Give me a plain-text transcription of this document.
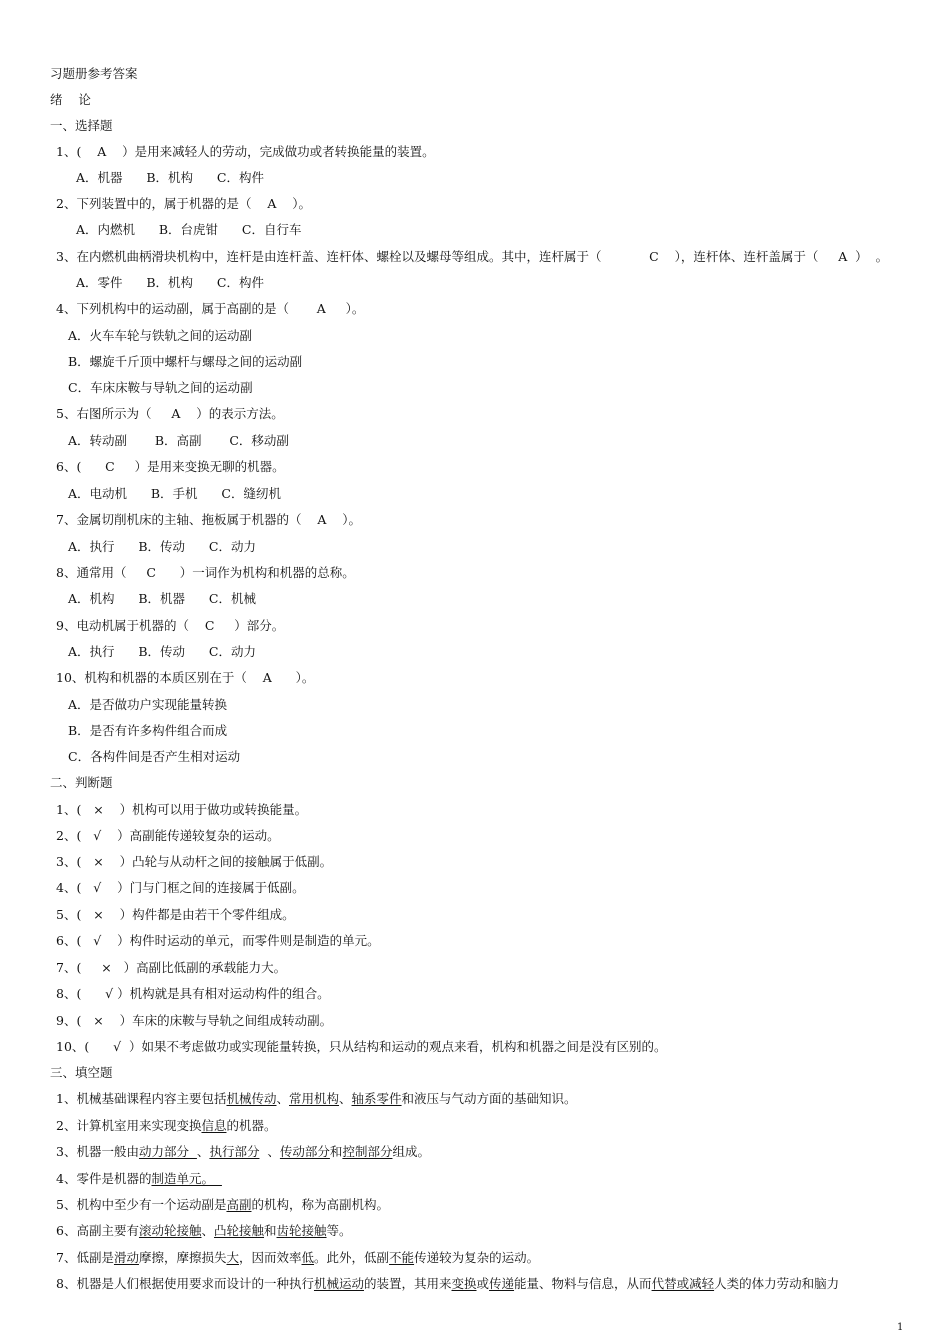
习题册参考答案
绪    论
一、选择题
1、(    A    ）是用来减轻人的劳动，完成做功或者转换能量的装置。
A．机器      B．机构      C．构件
2、下列装置中的，属于机器的是（    A    ）。
A．内燃机      B．台虎钳      C．自行车
3、在内燃机曲柄滑块机构中，连杆是由连杆盖、连杆体、螺栓以及螺母等组成。其中，连杆属于（            C    ），连杆体、连杆盖属于（     A  ）  。
A．零件      B．机构      C．构件
4、下列机构中的运动副，属于高副的是（       A     ）。
A．火车车轮与铁轨之间的运动副
B．螺旋千斤顶中螺杆与螺母之间的运动副
C．车床床鞍与导轨之间的运动副
5、右图所示为（     A    ）的表示方法。
A．转动副       B．高副       C．移动副
6、(      C     ）是用来变换无聊的机器。
A．电动机      B．手机      C．缝纫机
7、金属切削机床的主轴、拖板属于机器的（    A    ）。
A．执行      B．传动      C．动力
8、通常用（     C      ）一词作为机构和机器的总称。
A．机构      B．机器      C．机械
9、电动机属于机器的（    C     ）部分。
A．执行      B．传动      C．动力
10、机构和机器的本质区别在于（    A      ）。
A．是否做功户实现能量转换
B．是否有许多构件组合而成
C．各构件间是否产生相对运动
二、判断题
1、(   ×    ）机构可以用于做功或转换能量。
2、(   √    ）高副能传递较复杂的运动。
3、(   ×    ）凸轮与从动杆之间的接触属于低副。
4、(   √    ）门与门框之间的连接属于低副。
5、(   ×    ）构件都是由若干个零件组成。
6、(   √    ）构件时运动的单元，而零件则是制造的单元。
7、(     ×   ）高副比低副的承载能力大。
8、(      √ ）机构就是具有相对运动构件的组合。
9、(   ×    ）车床的床鞍与导轨之间组成转动副。
10、(      √  ）如果不考虑做功或实现能量转换，只从结构和运动的观点来看，机构和机器之间是没有区别的。
三、填空题
1、机械基础课程内容主要包括机械传动、常用机构、轴系零件和液压与气动方面的基础知识。
2、计算机室用来实现变换信息的机器。
3、机器一般由动力部分  、执行部分  、传动部分和控制部分组成。
4、零件是机器的制造单元。
5、机构中至少有一个运动副是高副的机构，称为高副机构。
6、高副主要有滚动轮接触、凸轮接触和齿轮接触等。
7、低副是滑动摩擦，摩擦损失大，因而效率低。此外，低副不能传递较为复杂的运动。
8、机器是人们根据使用要求而设计的一种执行机械运动的装置，其用来变换或传递能量、物料与信息，从而代替或减轻人类的体力劳动和脑力
1
